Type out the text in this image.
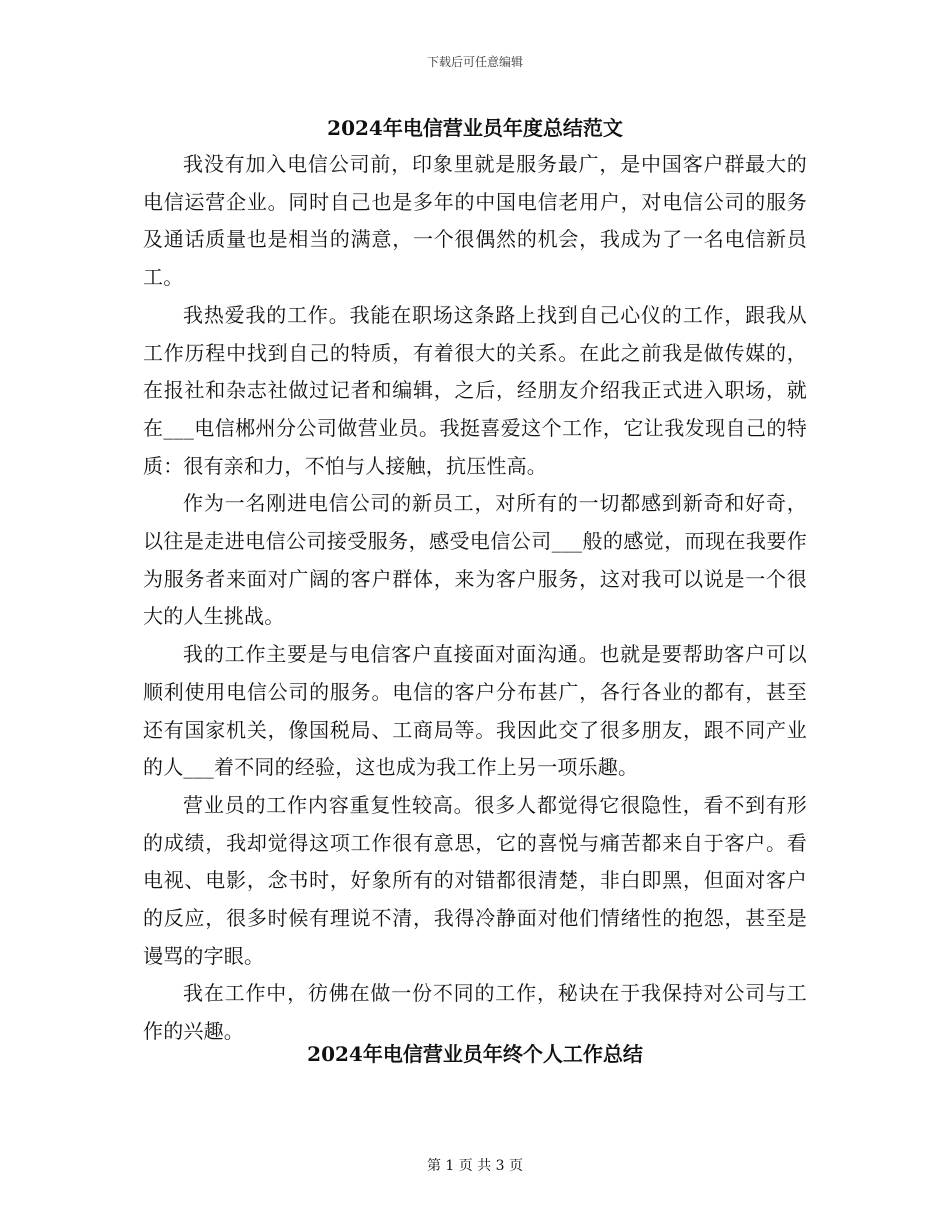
下载后可任意编辑
2024年电信营业员年度总结范文

我没有加入电信公司前，印象里就是服务最广，是中国客户群最大的电信运营企业。同时自己也是多年的中国电信老用户，对电信公司的服务及通话质量也是相当的满意，一个很偶然的机会，我成为了一名电信新员工。

我热爱我的工作。我能在职场这条路上找到自己心仪的工作，跟我从工作历程中找到自己的特质，有着很大的关系。在此之前我是做传媒的，在报社和杂志社做过记者和编辑，之后，经朋友介绍我正式进入职场，就在___电信郴州分公司做营业员。我挺喜爱这个工作，它让我发现自己的特质：很有亲和力，不怕与人接触，抗压性高。

作为一名刚进电信公司的新员工，对所有的一切都感到新奇和好奇，以往是走进电信公司接受服务，感受电信公司___般的感觉，而现在我要作为服务者来面对广阔的客户群体，来为客户服务，这对我可以说是一个很大的人生挑战。

我的工作主要是与电信客户直接面对面沟通。也就是要帮助客户可以顺利使用电信公司的服务。电信的客户分布甚广，各行各业的都有，甚至还有国家机关，像国税局、工商局等。我因此交了很多朋友，跟不同产业的人___着不同的经验，这也成为我工作上另一项乐趣。

营业员的工作内容重复性较高。很多人都觉得它很隐性，看不到有形的成绩，我却觉得这项工作很有意思，它的喜悦与痛苦都来自于客户。看电视、电影，念书时，好象所有的对错都很清楚，非白即黑，但面对客户的反应，很多时候有理说不清，我得冷静面对他们情绪性的抱怨，甚至是谩骂的字眼。

我在工作中，彷佛在做一份不同的工作，秘诀在于我保持对公司与工作的兴趣。

2024年电信营业员年终个人工作总结
第 1 页 共 3 页
